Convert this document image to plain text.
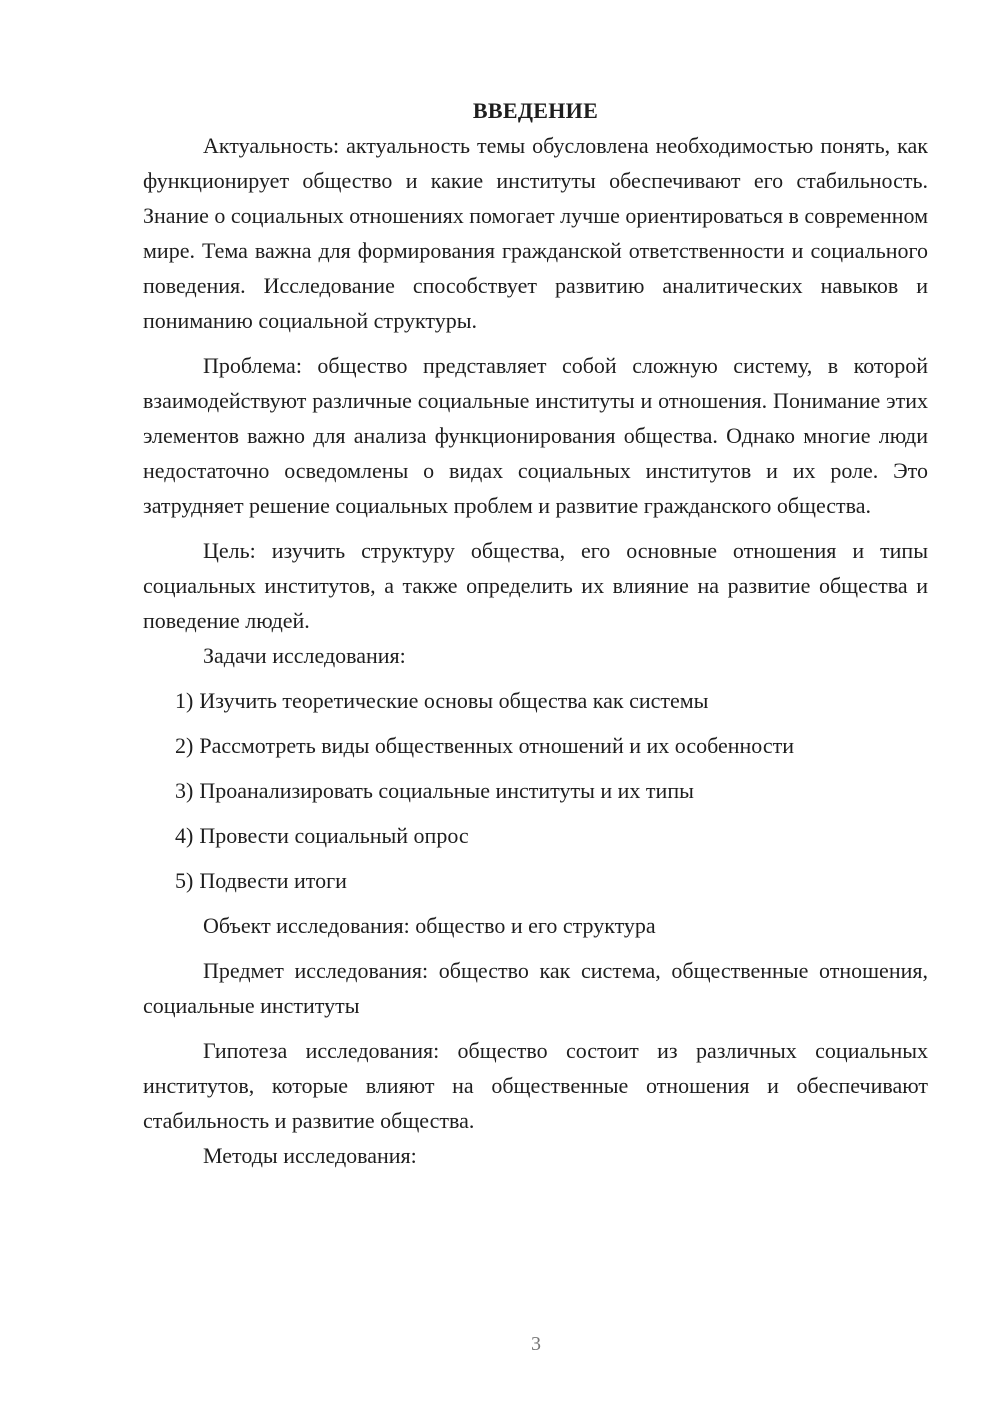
ВВЕДЕНИЕ

Актуальность: актуальность темы обусловлена необходимостью понять, как функционирует общество и какие институты обеспечивают его стабильность. Знание о социальных отношениях помогает лучше ориентироваться в современном мире. Тема важна для формирования гражданской ответственности и социального поведения. Исследование способствует развитию аналитических навыков и пониманию социальной структуры.

Проблема: общество представляет собой сложную систему, в которой взаимодействуют различные социальные институты и отношения. Понимание этих элементов важно для анализа функционирования общества. Однако многие люди недостаточно осведомлены о видах социальных институтов и их роле. Это затрудняет решение социальных проблем и развитие гражданского общества.

Цель: изучить структуру общества, его основные отношения и типы социальных институтов, а также определить их влияние на развитие общества и поведение людей.

Задачи исследования:

1) Изучить теоретические основы общества как системы
2) Рассмотреть виды общественных отношений и их особенности
3) Проанализировать социальные институты и их типы
4) Провести социальный опрос
5) Подвести итоги

Объект исследования: общество и его структура

Предмет исследования: общество как система, общественные отношения, социальные институты

Гипотеза исследования: общество состоит из различных социальных институтов, которые влияют на общественные отношения и обеспечивают стабильность и развитие общества.

Методы исследования:

3
